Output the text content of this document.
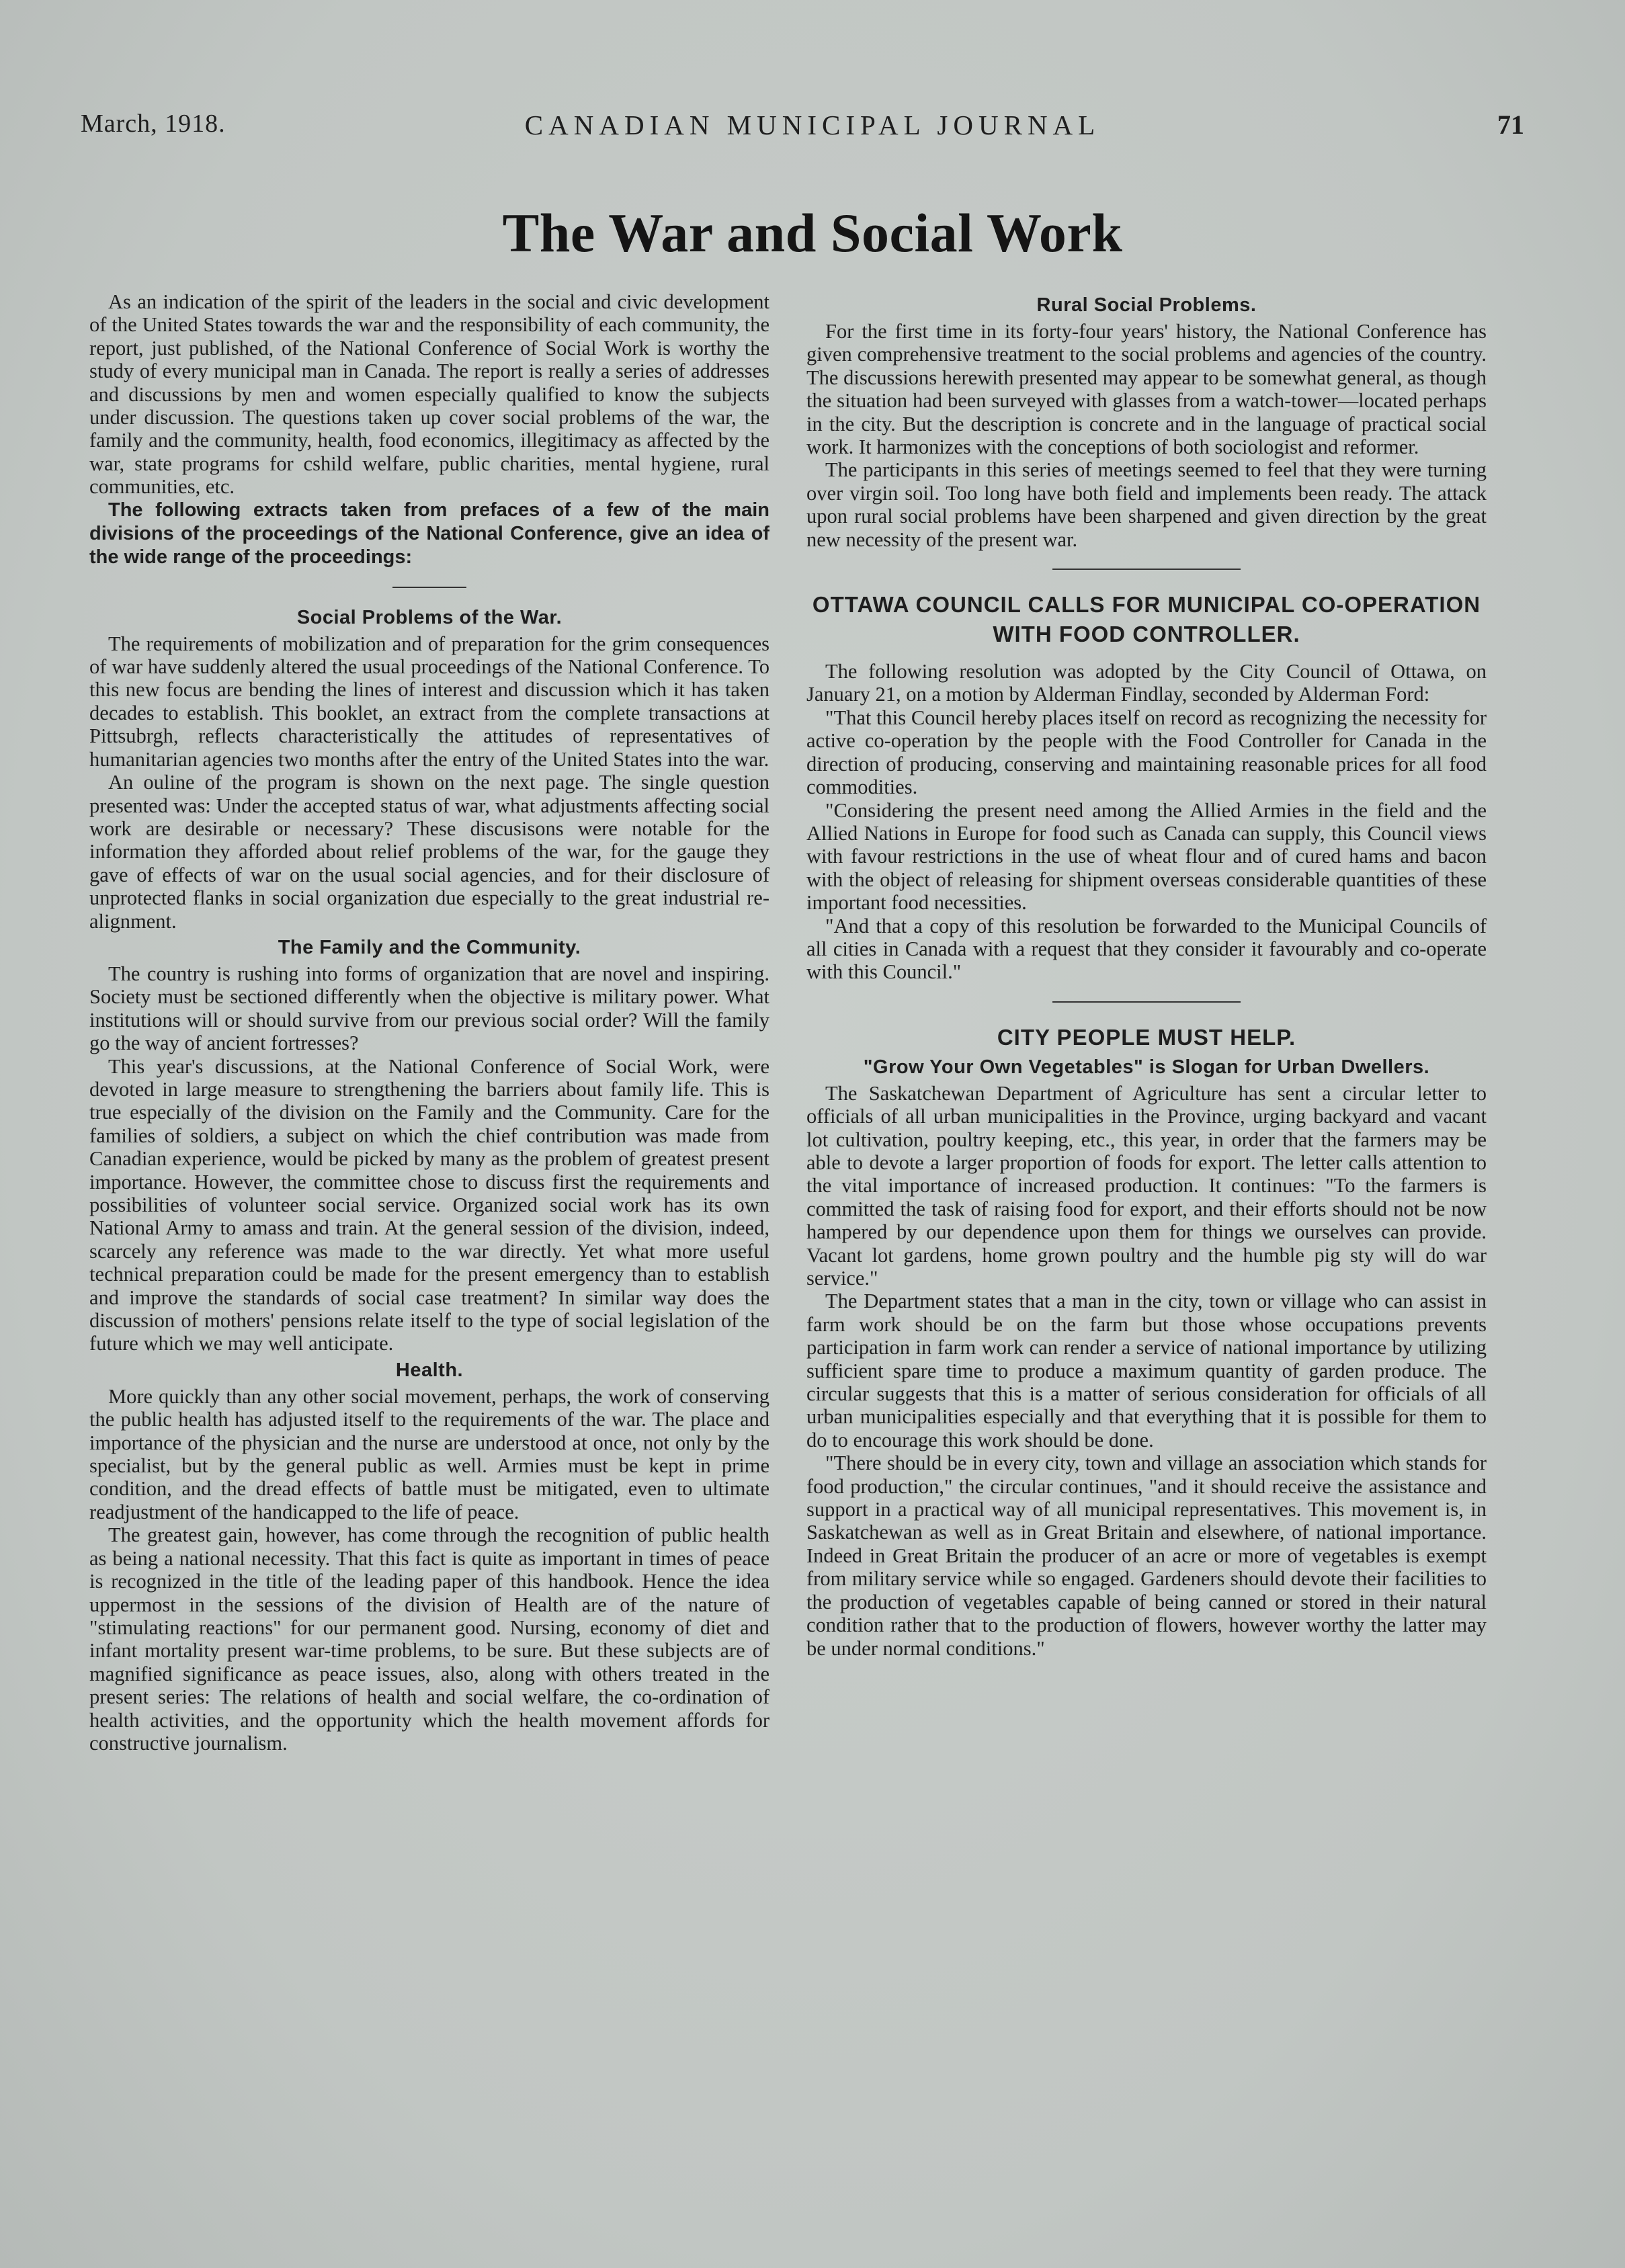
March, 1918.	CANADIAN MUNICIPAL JOURNAL	71
The War and Social Work

As an indication of the spirit of the leaders in the social and civic development of the United States towards the war and the responsibility of each community, the report, just published, of the National Conference of Social Work is worthy the study of every municipal man in Canada. The report is really a series of addresses and discussions by men and women especially qualified to know the subjects under discussion. The questions taken up cover social problems of the war, the family and the community, health, food economics, illegitimacy as affected by the war, state programs for cshild welfare, public charities, mental hygiene, rural communities, etc.

The following extracts taken from prefaces of a few of the main divisions of the proceedings of the National Conference, give an idea of the wide range of the proceedings:

Social Problems of the War.

The requirements of mobilization and of preparation for the grim consequences of war have suddenly altered the usual proceedings of the National Conference. To this new focus are bending the lines of interest and discussion which it has taken decades to establish. This booklet, an extract from the complete transactions at Pittsubrgh, reflects characteristically the attitudes of representatives of humanitarian agencies two months after the entry of the United States into the war.

An ouline of the program is shown on the next page. The single question presented was: Under the accepted status of war, what adjustments affecting social work are desirable or necessary? These discusisons were notable for the information they afforded about relief problems of the war, for the gauge they gave of effects of war on the usual social agencies, and for their disclosure of unprotected flanks in social organization due especially to the great industrial re-alignment.

The Family and the Community.

The country is rushing into forms of organization that are novel and inspiring. Society must be sectioned differently when the objective is military power. What institutions will or should survive from our previous social order? Will the family go the way of ancient fortresses?

This year's discussions, at the National Conference of Social Work, were devoted in large measure to strengthening the barriers about family life. This is true especially of the division on the Family and the Community. Care for the families of soldiers, a subject on which the chief contribution was made from Canadian experience, would be picked by many as the problem of greatest present importance. However, the committee chose to discuss first the requirements and possibilities of volunteer social service. Organized social work has its own National Army to amass and train. At the general session of the division, indeed, scarcely any reference was made to the war directly. Yet what more useful technical preparation could be made for the present emergency than to establish and improve the standards of social case treatment? In similar way does the discussion of mothers' pensions relate itself to the type of social legislation of the future which we may well anticipate.

Health.

More quickly than any other social movement, perhaps, the work of conserving the public health has adjusted itself to the requirements of the war. The place and importance of the physician and the nurse are understood at once, not only by the specialist, but by the general public as well. Armies must be kept in prime condition, and the dread effects of battle must be mitigated, even to ultimate readjustment of the handicapped to the life of peace.

The greatest gain, however, has come through the recognition of public health as being a national necessity. That this fact is quite as important in times of peace is recognized in the title of the leading paper of this handbook. Hence the idea uppermost in the sessions of the division of Health are of the nature of "stimulating reactions" for our permanent good. Nursing, economy of diet and infant mortality present war-time problems, to be sure. But these subjects are of magnified significance as peace issues, also, along with others treated in the present series: The relations of health and social welfare, the co-ordination of health activities, and the opportunity which the health movement affords for constructive journalism.

Rural Social Problems.

For the first time in its forty-four years' history, the National Conference has given comprehensive treatment to the social problems and agencies of the country. The discussions herewith presented may appear to be somewhat general, as though the situation had been surveyed with glasses from a watch-tower—located perhaps in the city. But the description is concrete and in the language of practical social work. It harmonizes with the conceptions of both sociologist and reformer.

The participants in this series of meetings seemed to feel that they were turning over virgin soil. Too long have both field and implements been ready. The attack upon rural social problems have been sharpened and given direction by the great new necessity of the present war.

OTTAWA COUNCIL CALLS FOR MUNICIPAL CO-OPERATION WITH FOOD CONTROLLER.

The following resolution was adopted by the City Council of Ottawa, on January 21, on a motion by Alderman Findlay, seconded by Alderman Ford:

"That this Council hereby places itself on record as recognizing the necessity for active co-operation by the people with the Food Controller for Canada in the direction of producing, conserving and maintaining reasonable prices for all food commodities.

"Considering the present need among the Allied Armies in the field and the Allied Nations in Europe for food such as Canada can supply, this Council views with favour restrictions in the use of wheat flour and of cured hams and bacon with the object of releasing for shipment overseas considerable quantities of these important food necessities.

"And that a copy of this resolution be forwarded to the Municipal Councils of all cities in Canada with a request that they consider it favourably and co-operate with this Council."

CITY PEOPLE MUST HELP.
"Grow Your Own Vegetables" is Slogan for Urban Dwellers.

The Saskatchewan Department of Agriculture has sent a circular letter to officials of all urban municipalities in the Province, urging backyard and vacant lot cultivation, poultry keeping, etc., this year, in order that the farmers may be able to devote a larger proportion of foods for export. The letter calls attention to the vital importance of increased production. It continues: "To the farmers is committed the task of raising food for export, and their efforts should not be now hampered by our dependence upon them for things we ourselves can provide. Vacant lot gardens, home grown poultry and the humble pig sty will do war service."

The Department states that a man in the city, town or village who can assist in farm work should be on the farm but those whose occupations prevents participation in farm work can render a service of national importance by utilizing sufficient spare time to produce a maximum quantity of garden produce. The circular suggests that this is a matter of serious consideration for officials of all urban municipalities especially and that everything that it is possible for them to do to encourage this work should be done.

"There should be in every city, town and village an association which stands for food production," the circular continues, "and it should receive the assistance and support in a practical way of all municipal representatives. This movement is, in Saskatchewan as well as in Great Britain and elsewhere, of national importance. Indeed in Great Britain the producer of an acre or more of vegetables is exempt from military service while so engaged. Gardeners should devote their facilities to the production of vegetables capable of being canned or stored in their natural condition rather that to the production of flowers, however worthy the latter may be under normal conditions."
